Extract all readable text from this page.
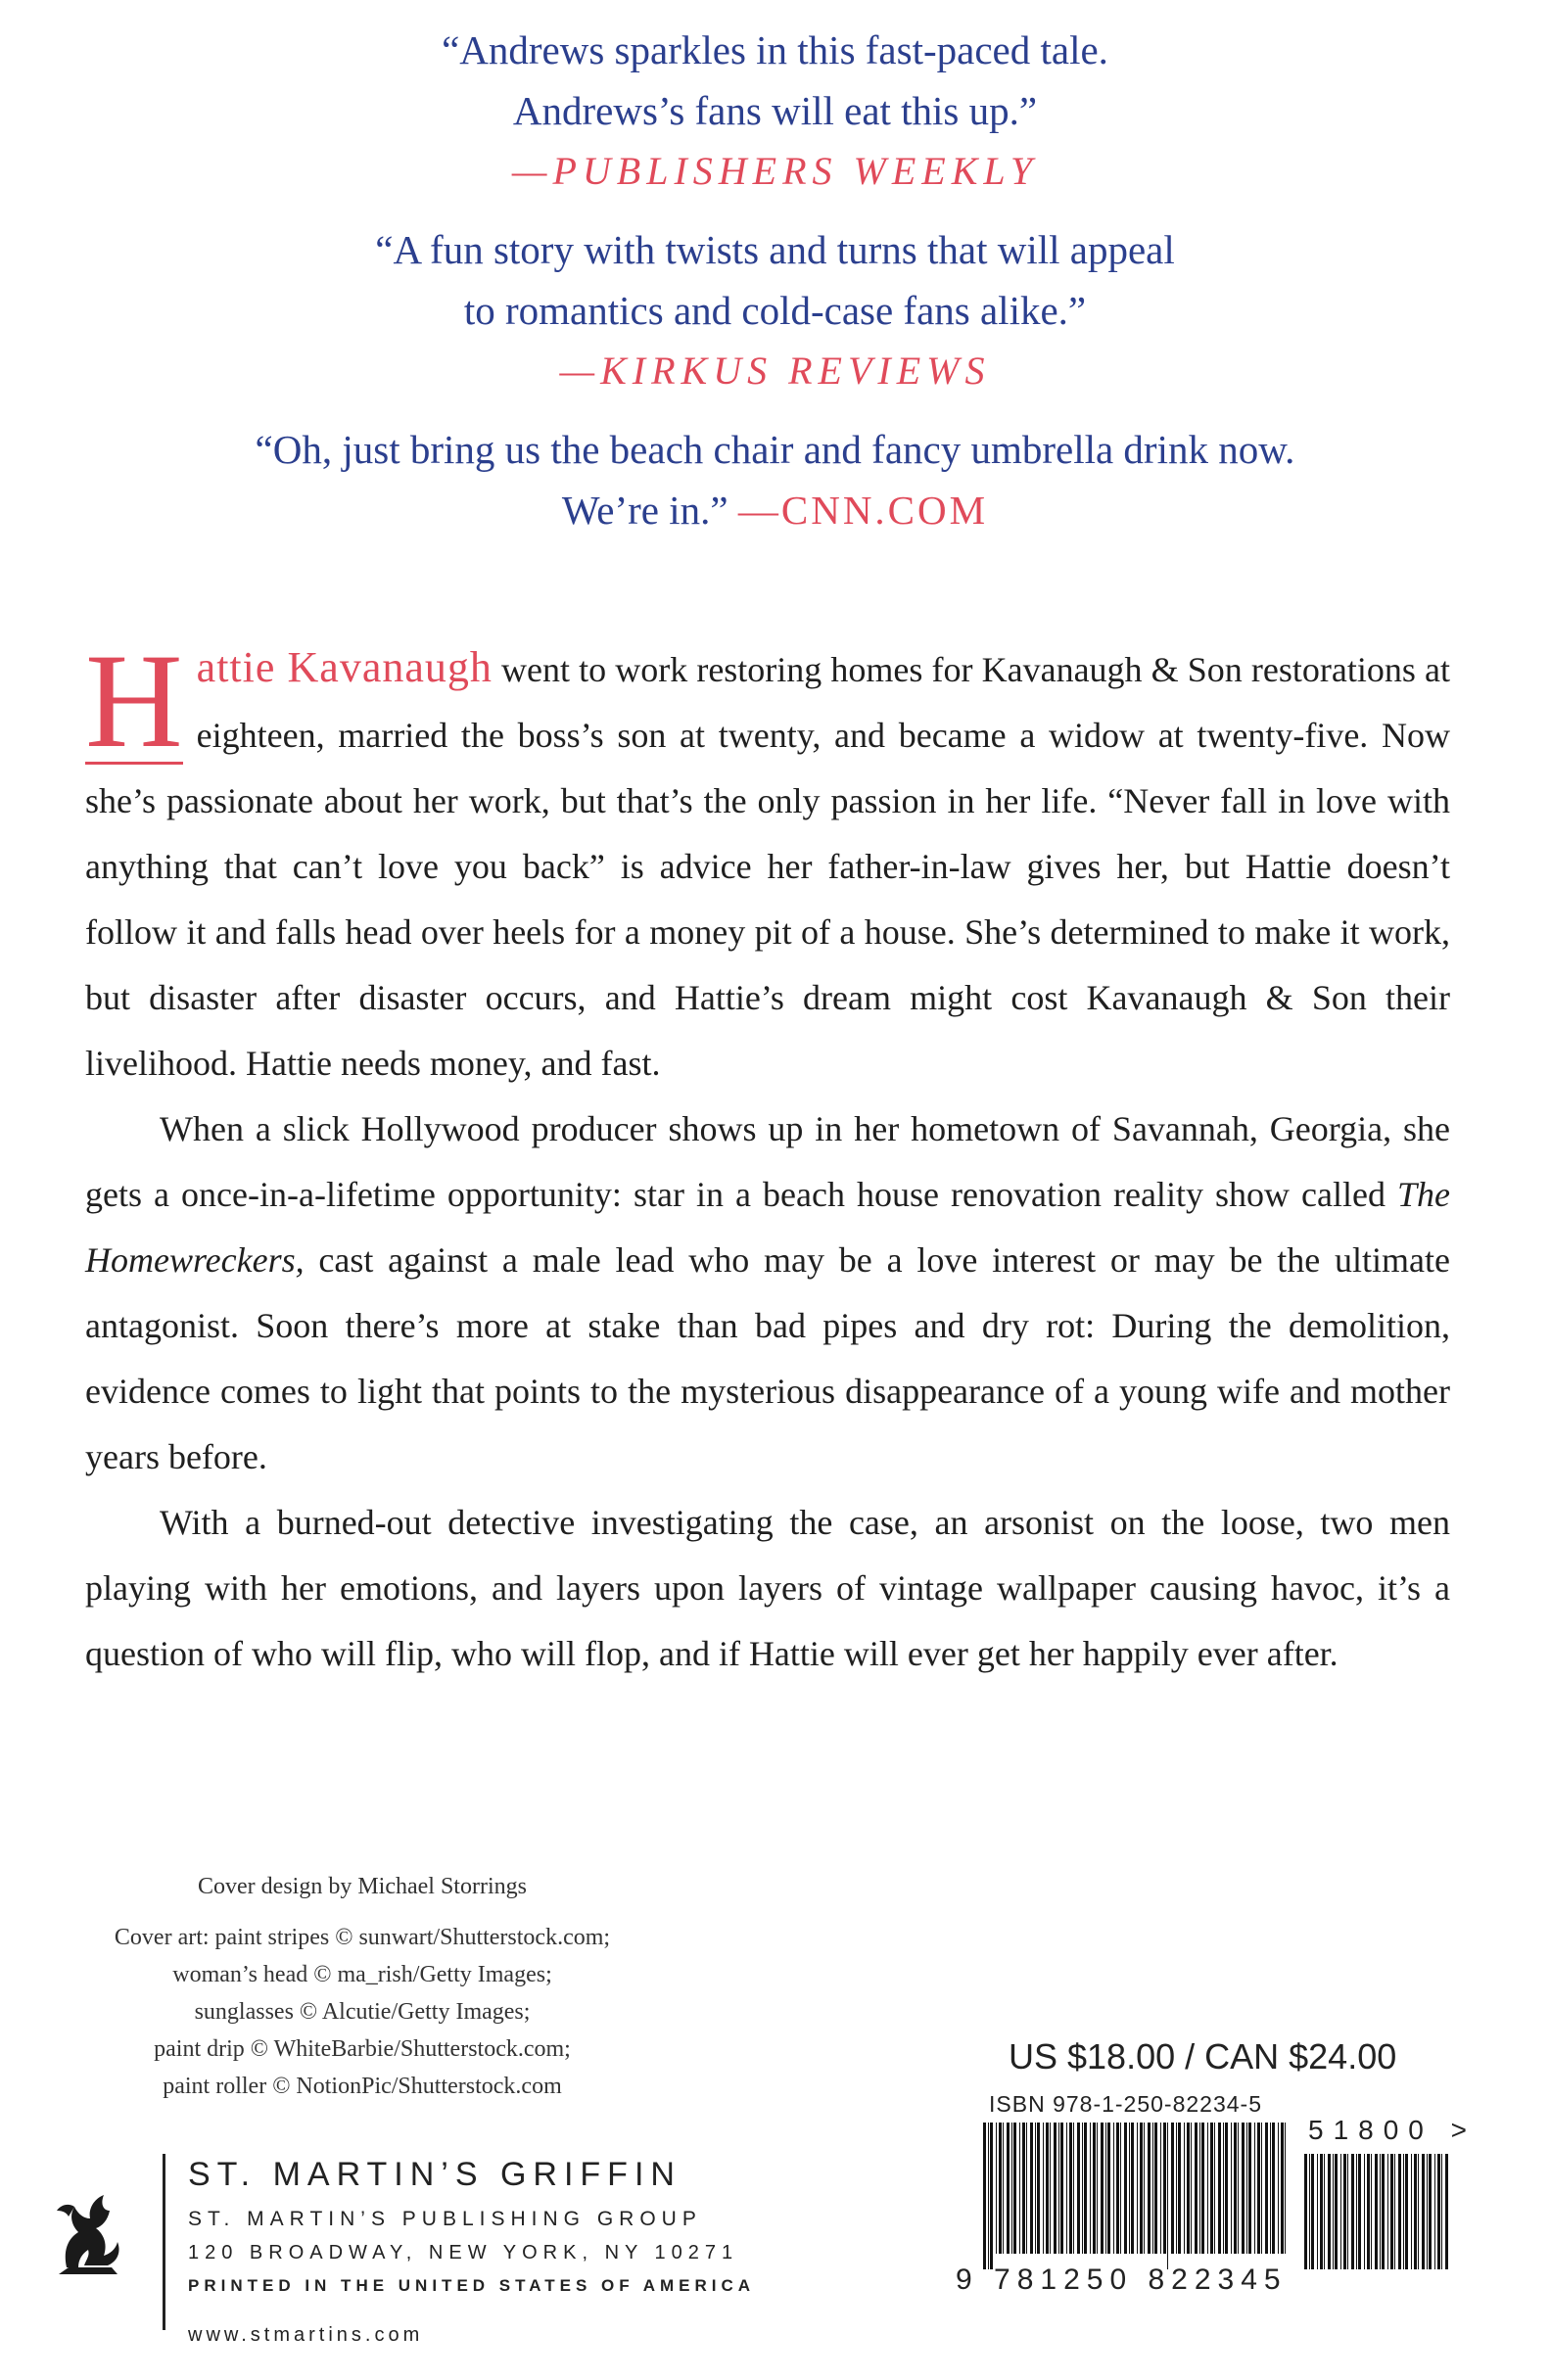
“Andrews sparkles in this fast-paced tale.
Andrews’s fans will eat this up.”
—PUBLISHERS WEEKLY
“A fun story with twists and turns that will appeal
to romantics and cold-case fans alike.”
—KIRKUS REVIEWS
“Oh, just bring us the beach chair and fancy umbrella drink now.
We’re in.” —CNN.COM

H attie Kavanaugh went to work restoring homes for Kavanaugh & Son restorations at eighteen, married the boss’s son at twenty, and became a widow at twenty-five. Now she’s passionate about her work, but that’s the only passion in her life. “Never fall in love with anything that can’t love you back” is advice her father-in-law gives her, but Hattie doesn’t follow it and falls head over heels for a money pit of a house. She’s determined to make it work, but disaster after disaster occurs, and Hattie’s dream might cost Kavanaugh & Son their livelihood. Hattie needs money, and fast.

When a slick Hollywood producer shows up in her hometown of Savannah, Georgia, she gets a once-in-a-lifetime opportunity: star in a beach house renovation reality show called The Homewreckers, cast against a male lead who may be a love interest or may be the ultimate antagonist. Soon there’s more at stake than bad pipes and dry rot: During the demolition, evidence comes to light that points to the mysterious disappearance of a young wife and mother years before.

With a burned-out detective investigating the case, an arsonist on the loose, two men playing with her emotions, and layers upon layers of vintage wallpaper causing havoc, it’s a question of who will flip, who will flop, and if Hattie will ever get her happily ever after.

Cover design by Michael Storrings
Cover art: paint stripes © sunwart/Shutterstock.com;
woman’s head © ma_rish/Getty Images;
sunglasses © Alcutie/Getty Images;
paint drip © WhiteBarbie/Shutterstock.com;
paint roller © NotionPic/Shutterstock.com
ST. MARTIN’S GRIFFIN
ST. MARTIN’S PUBLISHING GROUP
120 BROADWAY, NEW YORK, NY 10271
PRINTED IN THE UNITED STATES OF AMERICA
www.stmartins.com
US $18.00 / CAN $24.00
ISBN 978-1-250-82234-5
51800 >
9 781250 822345
